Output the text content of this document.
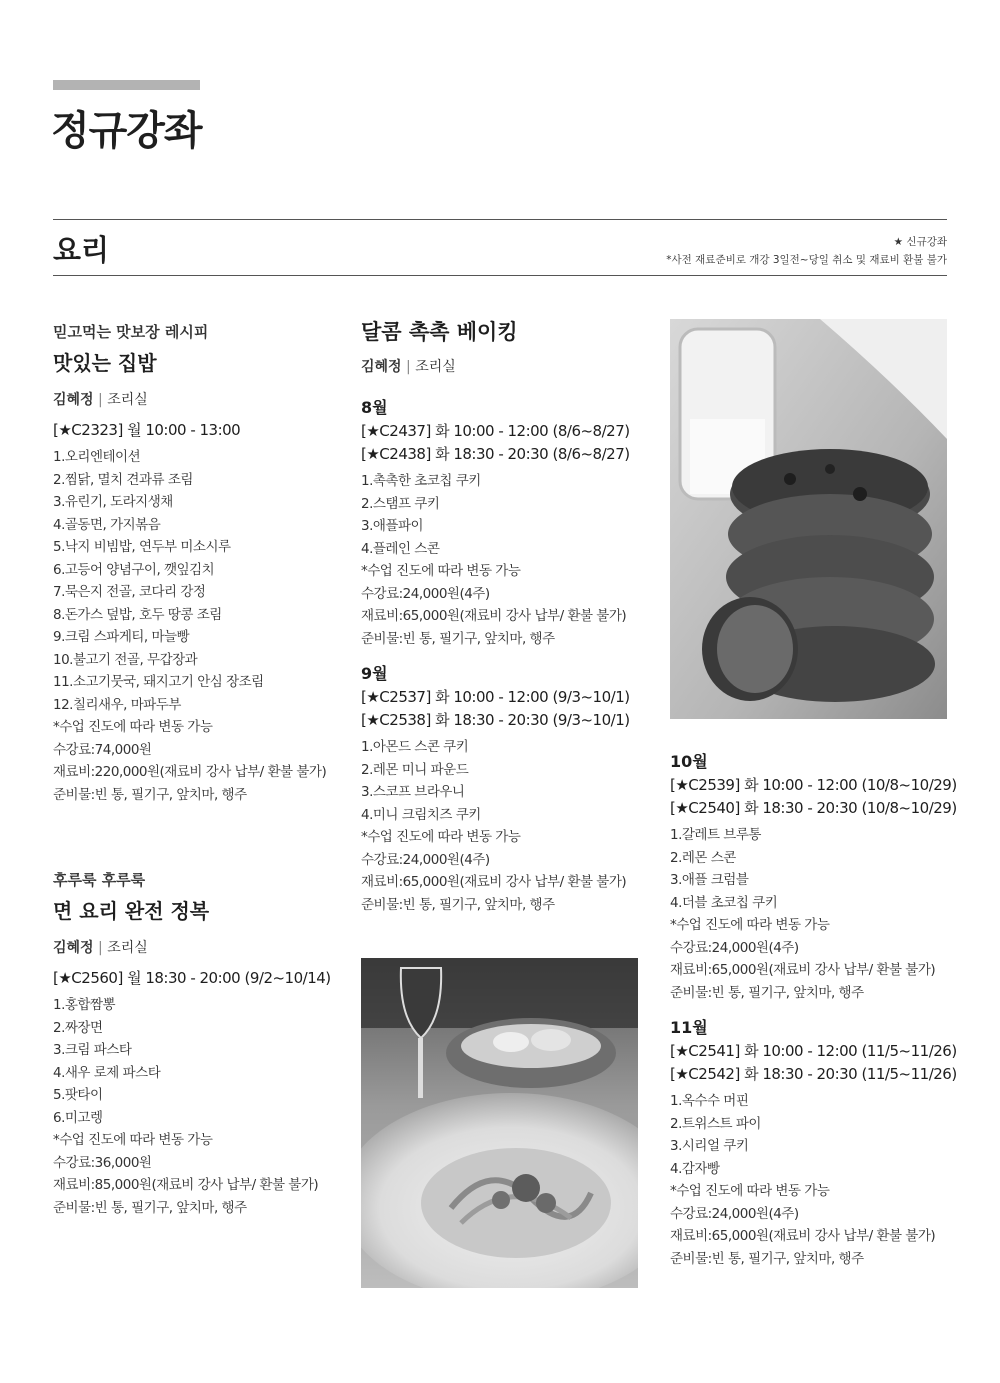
정규강좌
요리	★ 신규강좌
*사전 재료준비로 개강 3일전~당일 취소 및 재료비 환불 불가
믿고먹는 맛보장 레시피
맛있는 집밥
김혜정 | 조리실
[★C2323] 월 10:00 - 13:00
1.오리엔테이션
2.찜닭, 멸치 견과류 조림
3.유린기, 도라지생채
4.골동면, 가지볶음
5.낙지 비빔밥, 연두부 미소시루
6.고등어 양념구이, 깻잎김치
7.묵은지 전골, 코다리 강정
8.돈가스 덮밥, 호두 땅콩 조림
9.크림 스파게티, 마늘빵
10.불고기 전골, 무갑장과
11.소고기뭇국, 돼지고기 안심 장조림
12.칠리새우, 마파두부
*수업 진도에 따라 변동 가능
수강료:74,000원
재료비:220,000원(재료비 강사 납부/ 환불 불가)
준비물:빈 통, 필기구, 앞치마, 행주
후루룩 후루룩
면 요리 완전 정복
김혜정 | 조리실
[★C2560] 월 18:30 - 20:00 (9/2~10/14)
1.홍합짬뽕
2.짜장면
3.크림 파스타
4.새우 로제 파스타
5.팟타이
6.미고렝
*수업 진도에 따라 변동 가능
수강료:36,000원
재료비:85,000원(재료비 강사 납부/ 환불 불가)
준비물:빈 통, 필기구, 앞치마, 행주
달콤 촉촉 베이킹
김혜정 | 조리실
8월
[★C2437] 화 10:00 - 12:00 (8/6~8/27)
[★C2438] 화 18:30 - 20:30 (8/6~8/27)
1.촉촉한 초코칩 쿠키
2.스탬프 쿠키
3.애플파이
4.플레인 스콘
*수업 진도에 따라 변동 가능
수강료:24,000원(4주)
재료비:65,000원(재료비 강사 납부/ 환불 불가)
준비물:빈 통, 필기구, 앞치마, 행주
9월
[★C2537] 화 10:00 - 12:00 (9/3~10/1)
[★C2538] 화 18:30 - 20:30 (9/3~10/1)
1.아몬드 스콘 쿠키
2.레몬 미니 파운드
3.스코프 브라우니
4.미니 크림치즈 쿠키
*수업 진도에 따라 변동 가능
수강료:24,000원(4주)
재료비:65,000원(재료비 강사 납부/ 환불 불가)
준비물:빈 통, 필기구, 앞치마, 행주
10월
[★C2539] 화 10:00 - 12:00 (10/8~10/29)
[★C2540] 화 18:30 - 20:30 (10/8~10/29)
1.갈레트 브루통
2.레몬 스콘
3.애플 크럼블
4.더블 초코칩 쿠키
*수업 진도에 따라 변동 가능
수강료:24,000원(4주)
재료비:65,000원(재료비 강사 납부/ 환불 불가)
준비물:빈 통, 필기구, 앞치마, 행주
11월
[★C2541] 화 10:00 - 12:00 (11/5~11/26)
[★C2542] 화 18:30 - 20:30 (11/5~11/26)
1.옥수수 머핀
2.트위스트 파이
3.시리얼 쿠키
4.감자빵
*수업 진도에 따라 변동 가능
수강료:24,000원(4주)
재료비:65,000원(재료비 강사 납부/ 환불 불가)
준비물:빈 통, 필기구, 앞치마, 행주
